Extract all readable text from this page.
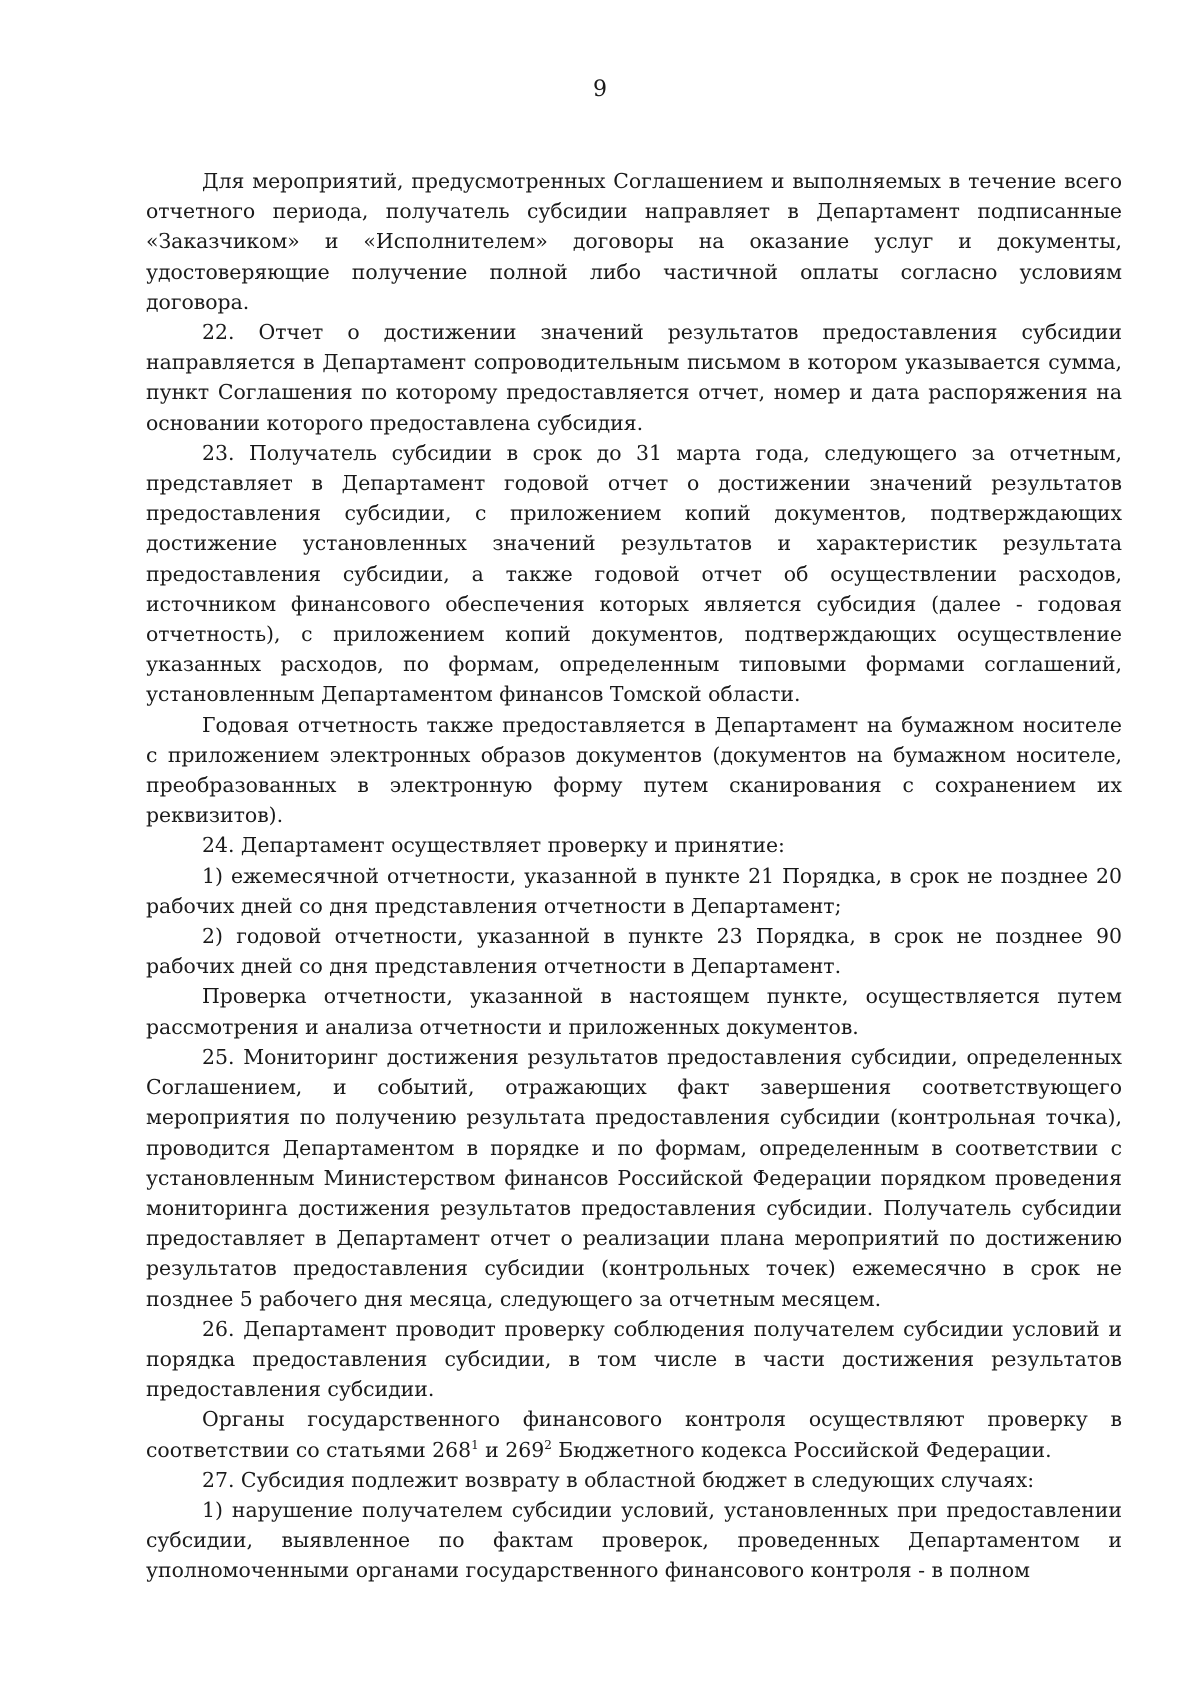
9

Для мероприятий, предусмотренных Соглашением и выполняемых в течение всего отчетного периода, получатель субсидии направляет в Департамент подписанные «Заказчиком» и «Исполнителем» договоры на оказание услуг и документы, удостоверяющие получение полной либо частичной оплаты согласно условиям договора.

22. Отчет о достижении значений результатов предоставления субсидии направляется в Департамент сопроводительным письмом в котором указывается сумма, пункт Соглашения по которому предоставляется отчет, номер и дата распоряжения на основании которого предоставлена субсидия.

23. Получатель субсидии в срок до 31 марта года, следующего за отчетным, представляет в Департамент годовой отчет о достижении значений результатов предоставления субсидии, с приложением копий документов, подтверждающих достижение установленных значений результатов и характеристик результата предоставления субсидии, а также годовой отчет об осуществлении расходов, источником финансового обеспечения которых является субсидия (далее - годовая отчетность), с приложением копий документов, подтверждающих осуществление указанных расходов, по формам, определенным типовыми формами соглашений, установленным Департаментом финансов Томской области.

Годовая отчетность также предоставляется в Департамент на бумажном носителе с приложением электронных образов документов (документов на бумажном носителе, преобразованных в электронную форму путем сканирования с сохранением их реквизитов).

24. Департамент осуществляет проверку и принятие:

1) ежемесячной отчетности, указанной в пункте 21 Порядка, в срок не позднее 20 рабочих дней со дня представления отчетности в Департамент;

2) годовой отчетности, указанной в пункте 23 Порядка, в срок не позднее 90 рабочих дней со дня представления отчетности в Департамент.

Проверка отчетности, указанной в настоящем пункте, осуществляется путем рассмотрения и анализа отчетности и приложенных документов.

25. Мониторинг достижения результатов предоставления субсидии, определенных Соглашением, и событий, отражающих факт завершения соответствующего мероприятия по получению результата предоставления субсидии (контрольная точка), проводится Департаментом в порядке и по формам, определенным в соответствии с установленным Министерством финансов Российской Федерации порядком проведения мониторинга достижения результатов предоставления субсидии. Получатель субсидии предоставляет в Департамент отчет о реализации плана мероприятий по достижению результатов предоставления субсидии (контрольных точек) ежемесячно в срок не позднее 5 рабочего дня месяца, следующего за отчетным месяцем.

26. Департамент проводит проверку соблюдения получателем субсидии условий и порядка предоставления субсидии, в том числе в части достижения результатов предоставления субсидии.

Органы государственного финансового контроля осуществляют проверку в соответствии со статьями $268^1$ и $269^2$ Бюджетного кодекса Российской Федерации.

27. Субсидия подлежит возврату в областной бюджет в следующих случаях:

1) нарушение получателем субсидии условий, установленных при предоставлении субсидии, выявленное по фактам проверок, проведенных Департаментом и уполномоченными органами государственного финансового контроля - в полном
